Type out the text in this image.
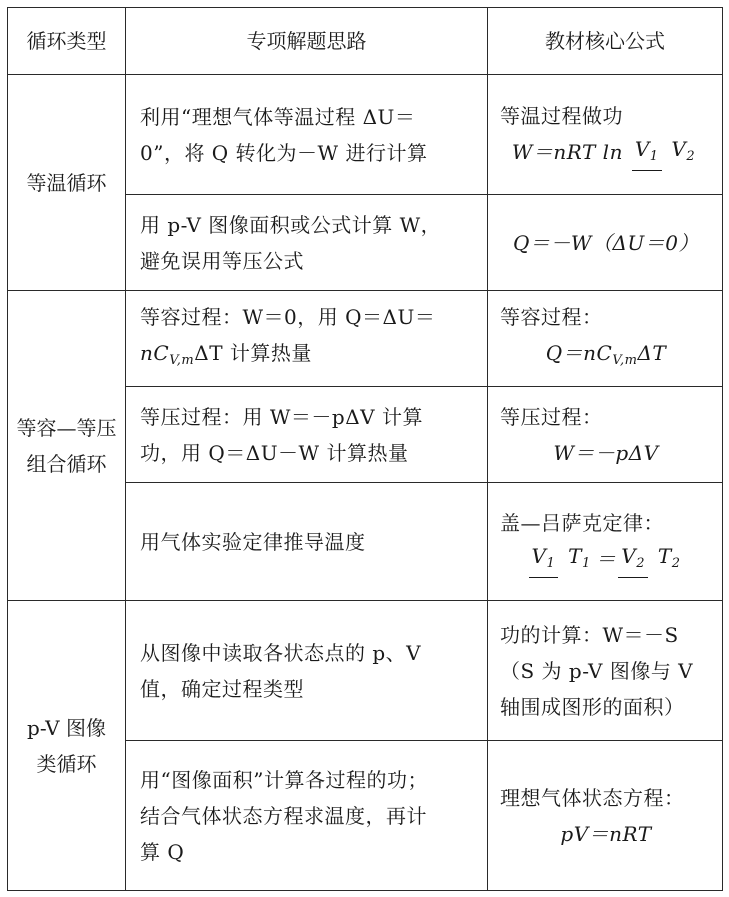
循环类型	专项解题思路	教材核心公式
等温循环	利用“理想气体等温过程 ΔU＝
0”，将 Q 转化为－W 进行计算	等温过程做功
W＝nRT ln V1 V2

	用 p-V 图像面积或公式计算 W，
避免误用等压公式	Q＝－W（ΔU＝0）

等容—等压
组合循环	等容过程：W＝0，用 Q＝ΔU＝
$nC_{V,m}\Delta T$ 计算热量	等容过程：
Q＝nCV,mΔT

	等压过程：用 W＝－pΔV 计算
功，用 Q＝ΔU－W 计算热量	等压过程：
W＝－pΔV

	用气体实验定律推导温度	盖—吕萨克定律：
V1 T1 ＝ V2 T2

p-V 图像
类循环	从图像中读取各状态点的 p、V
值，确定过程类型	功的计算：W＝－S
（S 为 p-V 图像与 V
轴围成图形的面积）

	用“图像面积”计算各过程的功；
结合气体状态方程求温度，再计
算 Q	理想气体状态方程：
pV＝nRT
